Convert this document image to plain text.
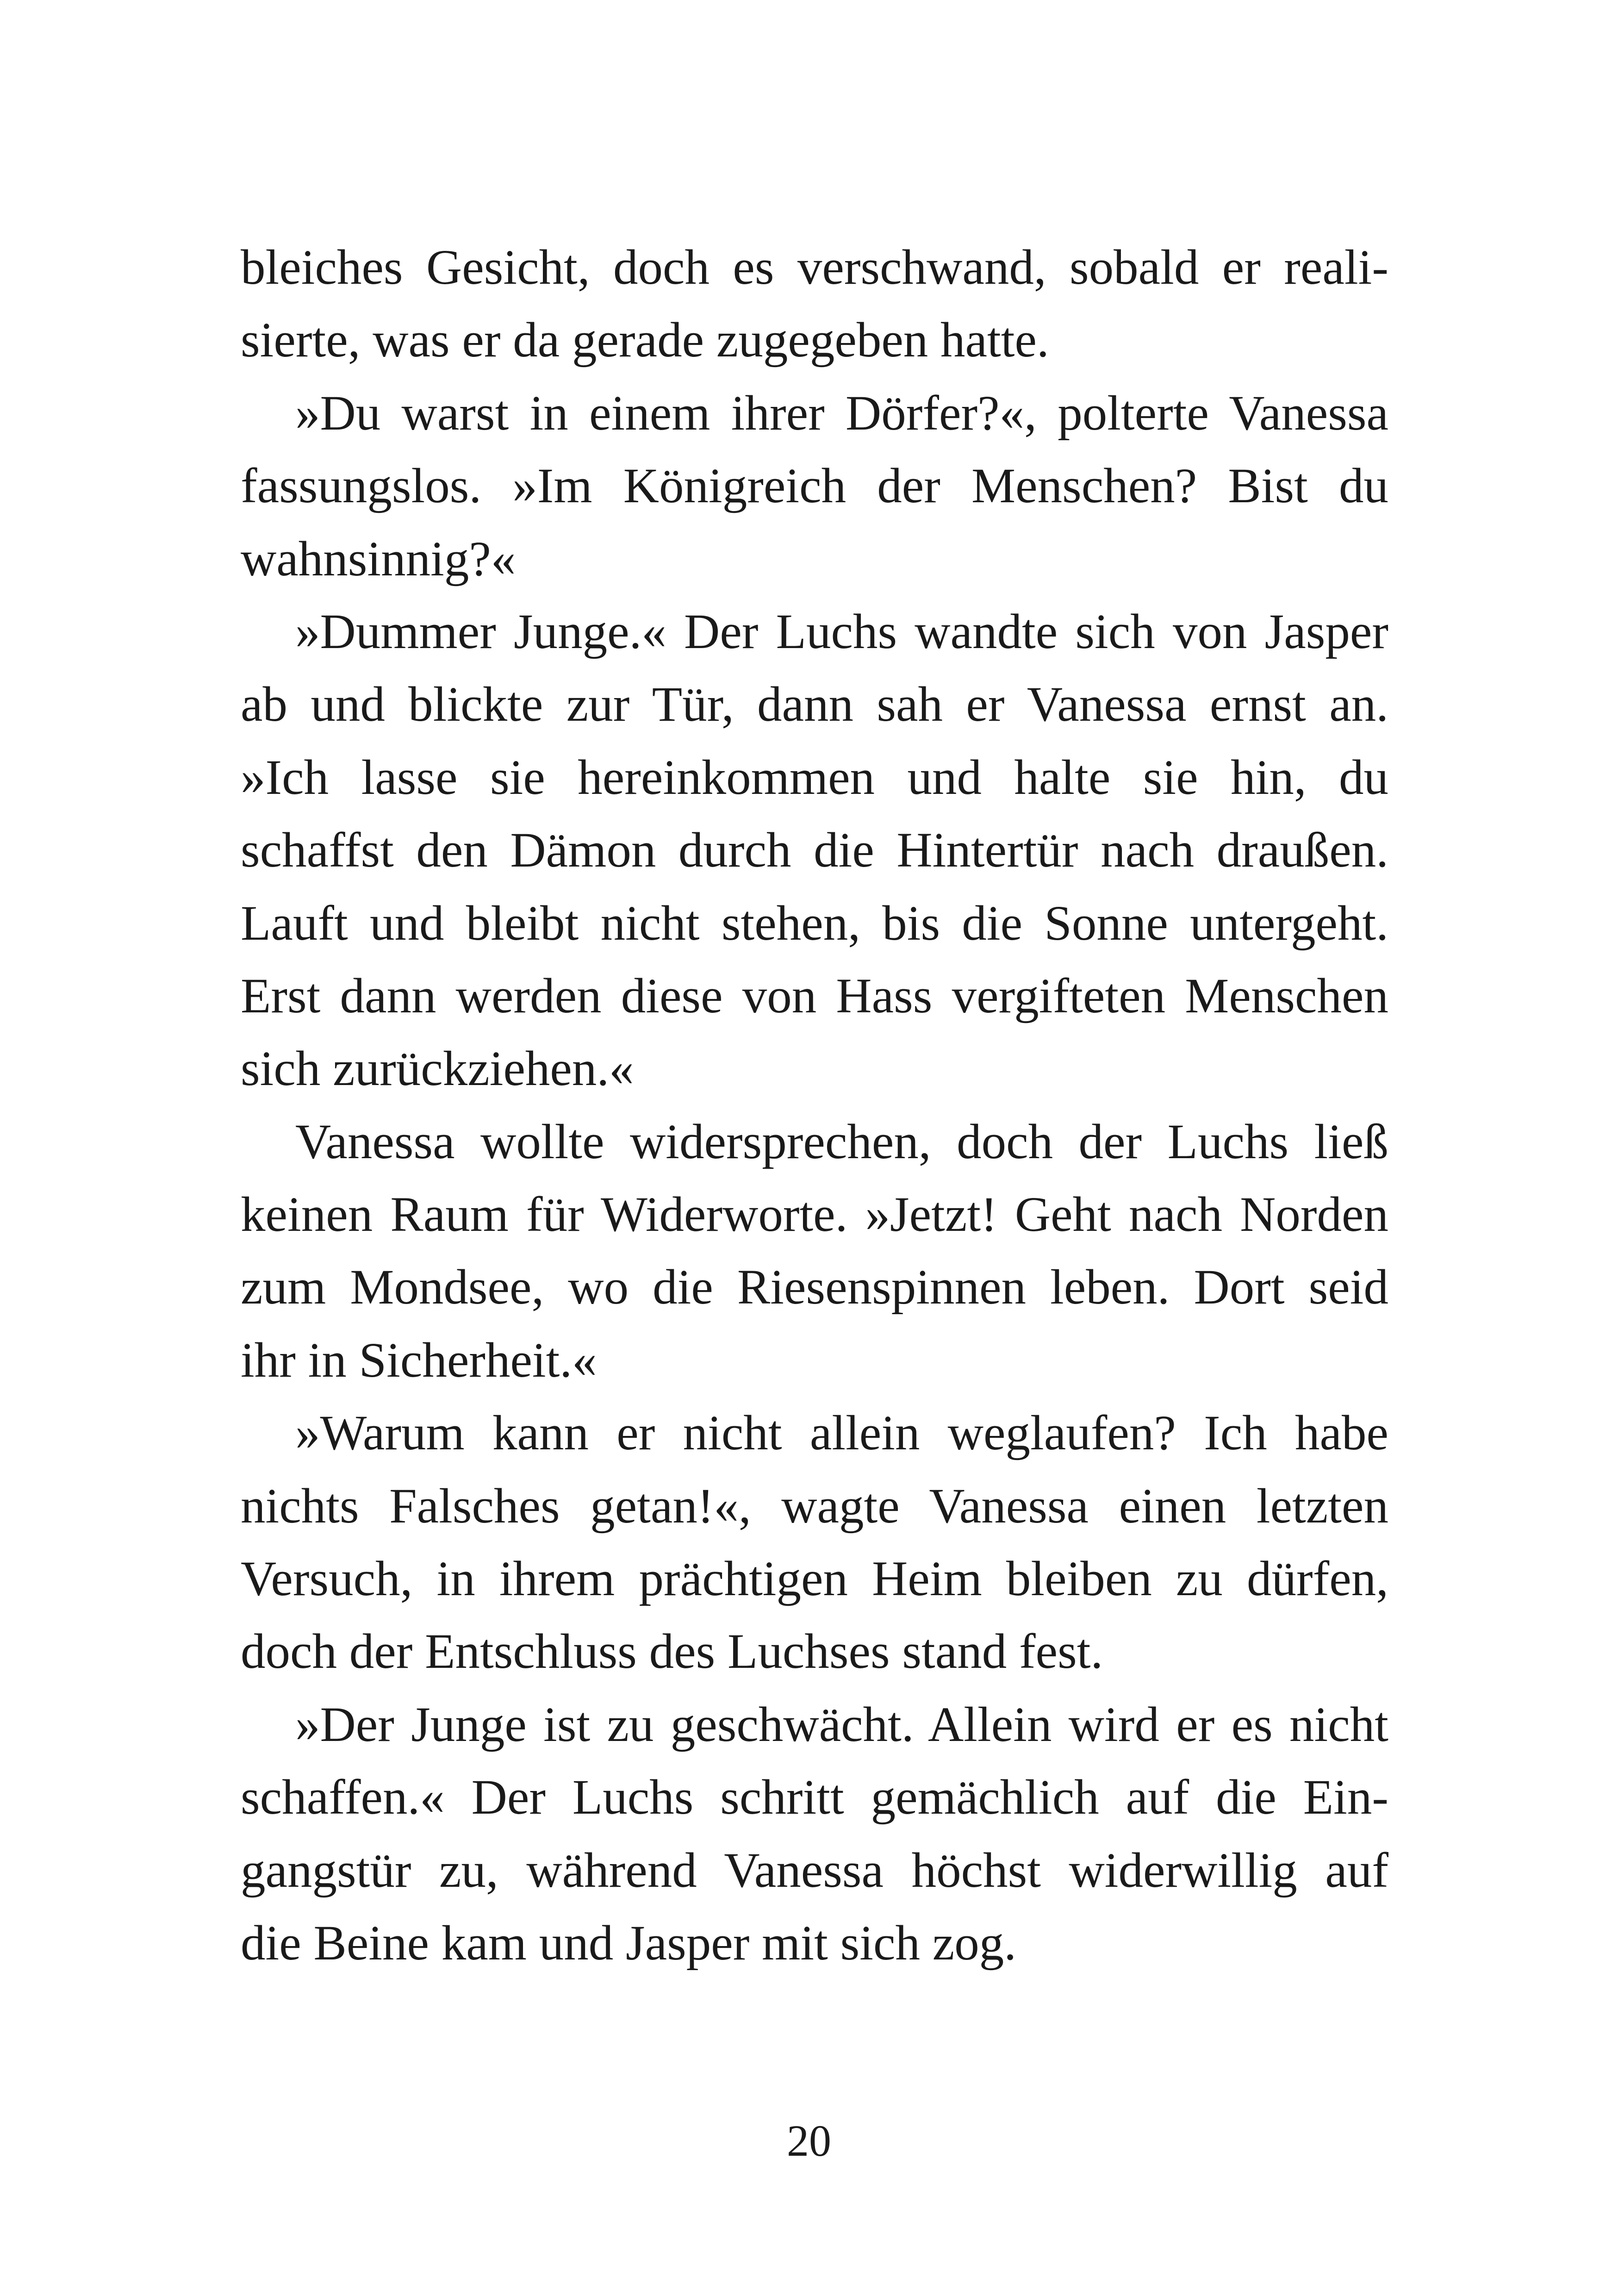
bleiches Gesicht, doch es verschwand, sobald er reali-
sierte, was er da gerade zugegeben hatte.
»Du warst in einem ihrer Dörfer?«, polterte Vanessa
fassungslos. »Im Königreich der Menschen? Bist du
wahnsinnig?«
»Dummer Junge.« Der Luchs wandte sich von Jasper
ab und blickte zur Tür, dann sah er Vanessa ernst an.
»Ich lasse sie hereinkommen und halte sie hin, du
schaffst den Dämon durch die Hintertür nach draußen.
Lauft und bleibt nicht stehen, bis die Sonne untergeht.
Erst dann werden diese von Hass vergifteten Menschen
sich zurückziehen.«
Vanessa wollte widersprechen, doch der Luchs ließ
keinen Raum für Widerworte. »Jetzt! Geht nach Norden
zum Mondsee, wo die Riesenspinnen leben. Dort seid
ihr in Sicherheit.«
»Warum kann er nicht allein weglaufen? Ich habe
nichts Falsches getan!«, wagte Vanessa einen letzten
Versuch, in ihrem prächtigen Heim bleiben zu dürfen,
doch der Entschluss des Luchses stand fest.
»Der Junge ist zu geschwächt. Allein wird er es nicht
schaffen.« Der Luchs schritt gemächlich auf die Ein-
gangstür zu, während Vanessa höchst widerwillig auf
die Beine kam und Jasper mit sich zog.
20
